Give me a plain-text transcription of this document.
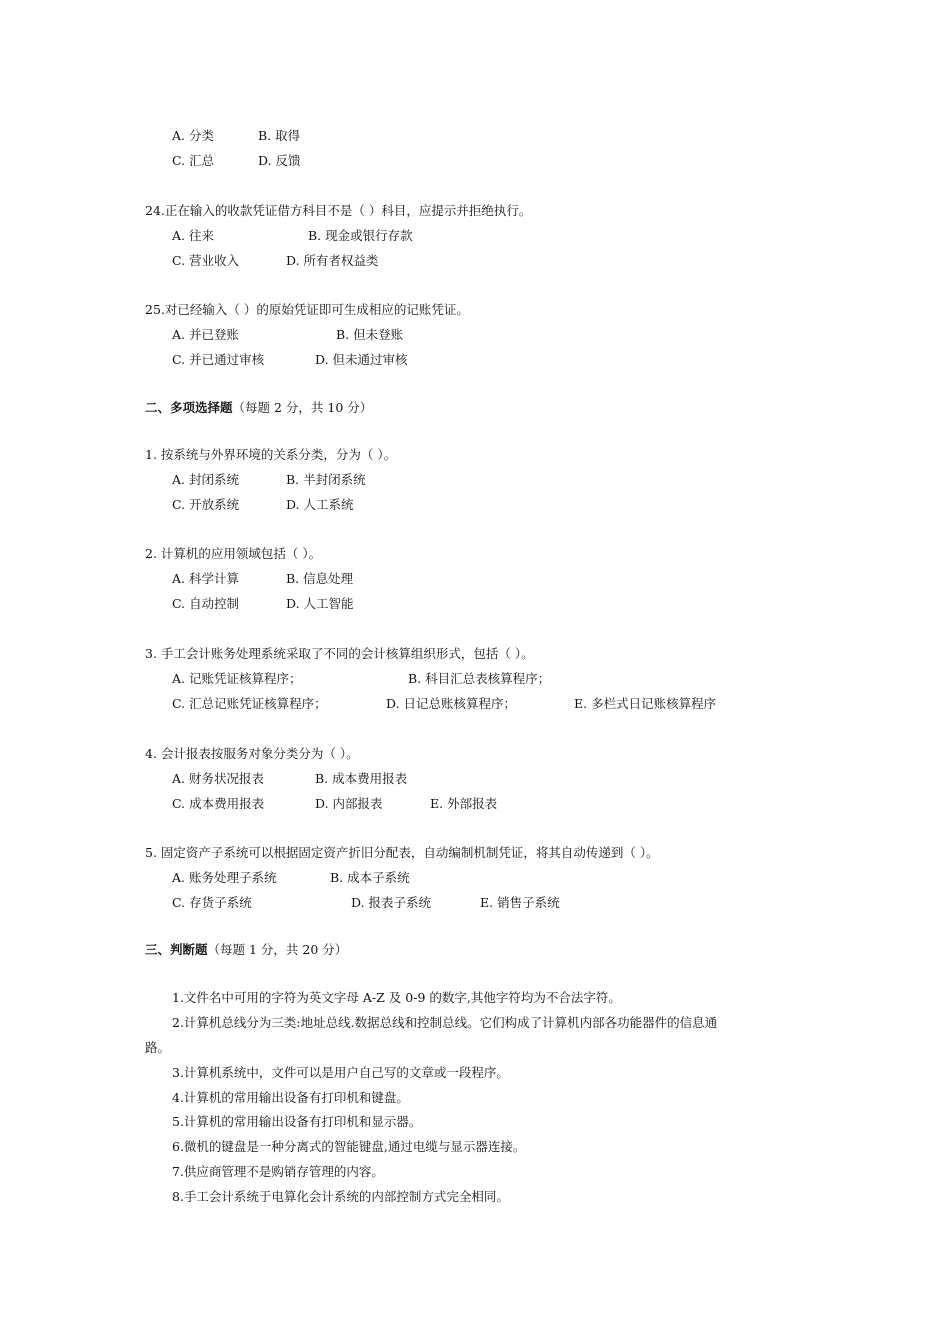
A. 分类	B. 取得
C. 汇总	D. 反馈
24.正在输入的收款凭证借方科目不是（ ）科目，应提示并拒绝执行。
A. 往来	B. 现金或银行存款
C. 营业收入	D. 所有者权益类
25.对已经输入（ ）的原始凭证即可生成相应的记账凭证。
A. 并已登账	B. 但未登账
C. 并已通过审核	D. 但未通过审核
二、多项选择题（每题 2 分，共 10 分）
1. 按系统与外界环境的关系分类，分为（ ）。
A. 封闭系统	B. 半封闭系统
C. 开放系统	D. 人工系统
2. 计算机的应用领域包括（ ）。
A. 科学计算	B. 信息处理
C. 自动控制	D. 人工智能
3. 手工会计账务处理系统采取了不同的会计核算组织形式，包括（ ）。
A. 记账凭证核算程序；	B. 科目汇总表核算程序；
C. 汇总记账凭证核算程序；	D. 日记总账核算程序；	E. 多栏式日记账核算程序
4. 会计报表按服务对象分类分为（ ）。
A. 财务状况报表	B. 成本费用报表
C. 成本费用报表	D. 内部报表	E. 外部报表
5. 固定资产子系统可以根据固定资产折旧分配表，自动编制机制凭证，将其自动传递到（ ）。
A. 账务处理子系统	B. 成本子系统
C. 存货子系统	D. 报表子系统	E. 销售子系统
三、判断题（每题 1 分，共 20 分）
1.文件名中可用的字符为英文字母 A-Z 及 0-9 的数字,其他字符均为不合法字符。
2.计算机总线分为三类:地址总线.数据总线和控制总线。它们构成了计算机内部各功能器件的信息通
路。
3.计算机系统中，文件可以是用户自己写的文章或一段程序。
4.计算机的常用输出设备有打印机和键盘。
5.计算机的常用输出设备有打印机和显示器。
6.微机的键盘是一种分离式的智能键盘,通过电缆与显示器连接。
7.供应商管理不是购销存管理的内容。
8.手工会计系统于电算化会计系统的内部控制方式完全相同。
